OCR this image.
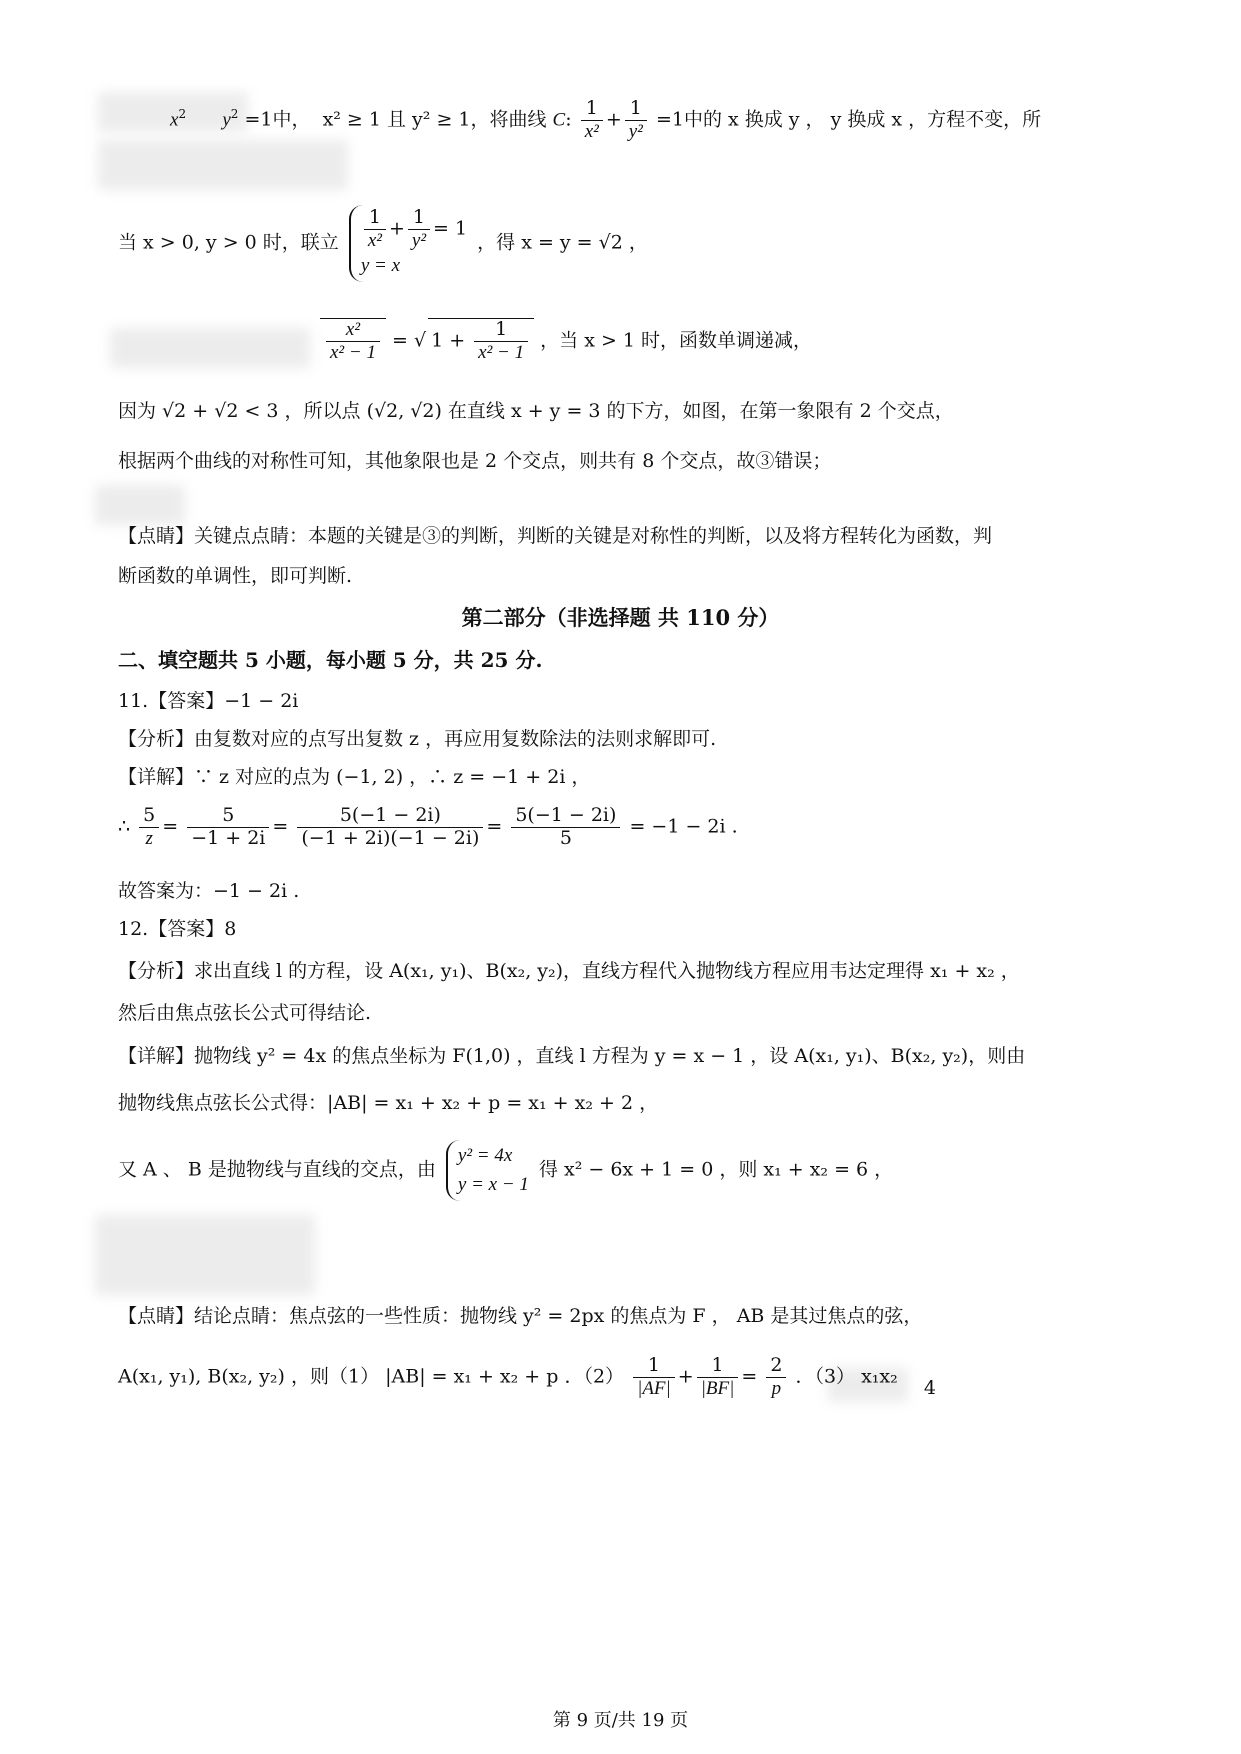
$x^2$ $y^2 =1$中， x² ≥ 1 且 y² ≥ 1，将曲线 C: $\frac{1}{\text{x²}} + \frac{1}{\text{y²}} =1$中的 x 换成 y ， y 换成 x ，方程不变，所
当 x > 0, y > 0 时，联立 $\frac{1}{\text{x²}} + \frac{1}{\text{y²}} = 1$
y = x
，得 x = y = √2 ，
$\frac{\text{x²}}{\text{x² − 1}}$ = √ $1 + \frac{1}{\text{x² − 1}}$ ，当 x > 1 时，函数单调递减，
因为 √2 + √2 < 3 ，所以点 (√2, √2) 在直线 x + y = 3 的下方，如图，在第一象限有 2 个交点，
根据两个曲线的对称性可知，其他象限也是 2 个交点，则共有 8 个交点，故③错误；
【点睛】关键点点睛：本题的关键是③的判断，判断的关键是对称性的判断，以及将方程转化为函数，判
断函数的单调性，即可判断.
第二部分（非选择题 共 110 分）
二、填空题共 5 小题，每小题 5 分，共 25 分.
11.【答案】−1 − 2i
【分析】由复数对应的点写出复数 z ，再应用复数除法的法则求解即可.
【详解】∵ z 对应的点为 (−1, 2) ，∴ z = −1 + 2i ，
∴ $\frac{5}{z} = \frac{5}{-1 + 2i} = \frac{5(-1 - 2i)}{(-1 + 2i)(-1 - 2i)} = \frac{5(-1 - 2i)}{5} = -1 - 2i$ .
故答案为：−1 − 2i .
12.【答案】8
【分析】求出直线 l 的方程，设 A(x₁, y₁)、B(x₂, y₂)，直线方程代入抛物线方程应用韦达定理得 x₁ + x₂ ，
然后由焦点弦长公式可得结论.
【详解】抛物线 y² = 4x 的焦点坐标为 F(1,0) ，直线 l 方程为 y = x − 1 ，设 A(x₁, y₁)、B(x₂, y₂)，则由
抛物线焦点弦长公式得：|AB| = x₁ + x₂ + p = x₁ + x₂ + 2 ，
又 A 、 B 是抛物线与直线的交点，由
y² = 4x
y = x − 1
得 x² − 6x + 1 = 0 ，则 x₁ + x₂ = 6 ，
【点睛】结论点睛：焦点弦的一些性质：抛物线 y² = 2px 的焦点为 F ， AB 是其过焦点的弦，
A(x₁, y₁), B(x₂, y₂) ，则（1） |AB| = x₁ + x₂ + p ．$(2) \frac{1}{|AF|} + \frac{1}{|BF|} = \frac{2}{p}$ ．（3） x₁x₂ 4
第 9 页/共 19 页
